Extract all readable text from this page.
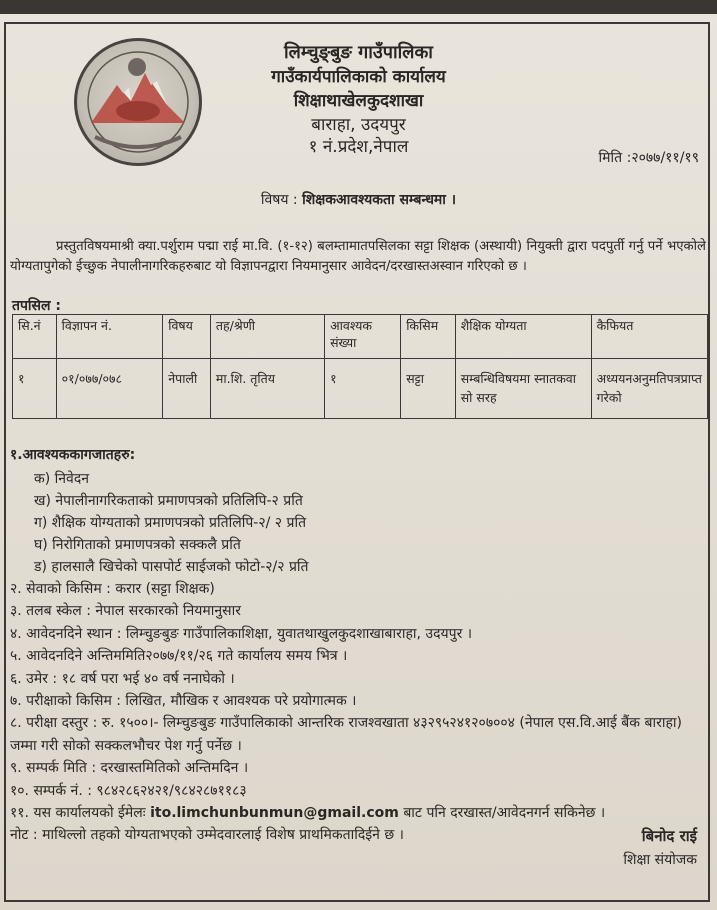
लिम्चुङ्बुङ गाउँपालिका
गाउँकार्यपालिकाको कार्यालय
शिक्षाथाखेलकुदशाखा
बाराहा, उदयपुर
१ नं.प्रदेश,नेपाल
मिति :२०७७/११/१९
विषय : शिक्षकआवश्यकता सम्बन्धमा ।
प्रस्तुतविषयमाश्री क्या.पर्शुराम पद्मा राई मा.वि. (१-१२) बलम्तामातपसिलका सट्टा शिक्षक (अस्थायी) नियुक्ती द्वारा पदपुर्ती गर्नु पर्ने भएकोले योग्यतापुगेको ईच्छुक नेपालीनागरिकहरुबाट यो विज्ञापनद्वारा नियमानुसार आवेदन/दरखास्तअस्वान गरिएको छ ।
तपसिल :
सि.नं	विज्ञापन नं.	विषय	तह/श्रेणी	आवश्यक संख्या	किसिम	शैक्षिक योग्यता	कैफियत
१	०१/०७७/०७८	नेपाली	मा.शि. तृतिय	१	सट्टा	सम्बन्धिविषयमा स्नातकवा सो सरह	अध्ययनअनुमतिपत्रप्राप्त गरेको
१.आवश्यककागजातहरु:
क) निवेदन
ख) नेपालीनागरिकताको प्रमाणपत्रको प्रतिलिपि-२ प्रति
ग) शैक्षिक योग्यताको प्रमाणपत्रको प्रतिलिपि-२/ २ प्रति
घ) निरोगिताको प्रमाणपत्रको सक्कलै प्रति
ड) हालसालै खिचेको पासपोर्ट साईजको फोटो-२/२ प्रति
२. सेवाको किसिम : करार (सट्टा शिक्षक)
३. तलब स्केल : नेपाल सरकारको नियमानुसार
४. आवेदनदिने स्थान : लिम्चुङबुङ गाउँपालिकाशिक्षा, युवातथाखुलकुदशाखाबाराहा, उदयपुर ।
५. आवेदनदिने अन्तिममिति२०७७/११/२६ गते कार्यालय समय भित्र ।
६. उमेर : १८ वर्ष परा भई ४० वर्ष ननाघेको ।
७. परीक्षाको किसिम : लिखित, मौखिक र आवश्यक परे प्रयोगात्मक ।
८. परीक्षा दस्तुर : रु. १५००।- लिम्चुङबुङ गाउँपालिकाको आन्तरिक राजश्वखाता ४३२९५२४१२०७००४ (नेपाल एस.वि.आई बैंक बाराहा) जम्मा गरी सोको सक्कलभौचर पेश गर्नु पर्नेछ ।
९. सम्पर्क मिति : दरखास्तमितिको अन्तिमदिन ।
१०. सम्पर्क नं. : ९८४२८६२४२१/९८४२८७११८३
११. यस कार्यालयको ईमेलः ito.limchunbunmun@gmail.com बाट पनि दरखास्त/आवेदनगर्न सकिनेछ ।
नोट : माथिल्लो तहको योग्यताभएको उम्मेदवारलाई विशेष प्राथमिकतादिईने छ ।	बिनोद राई
शिक्षा संयोजक
